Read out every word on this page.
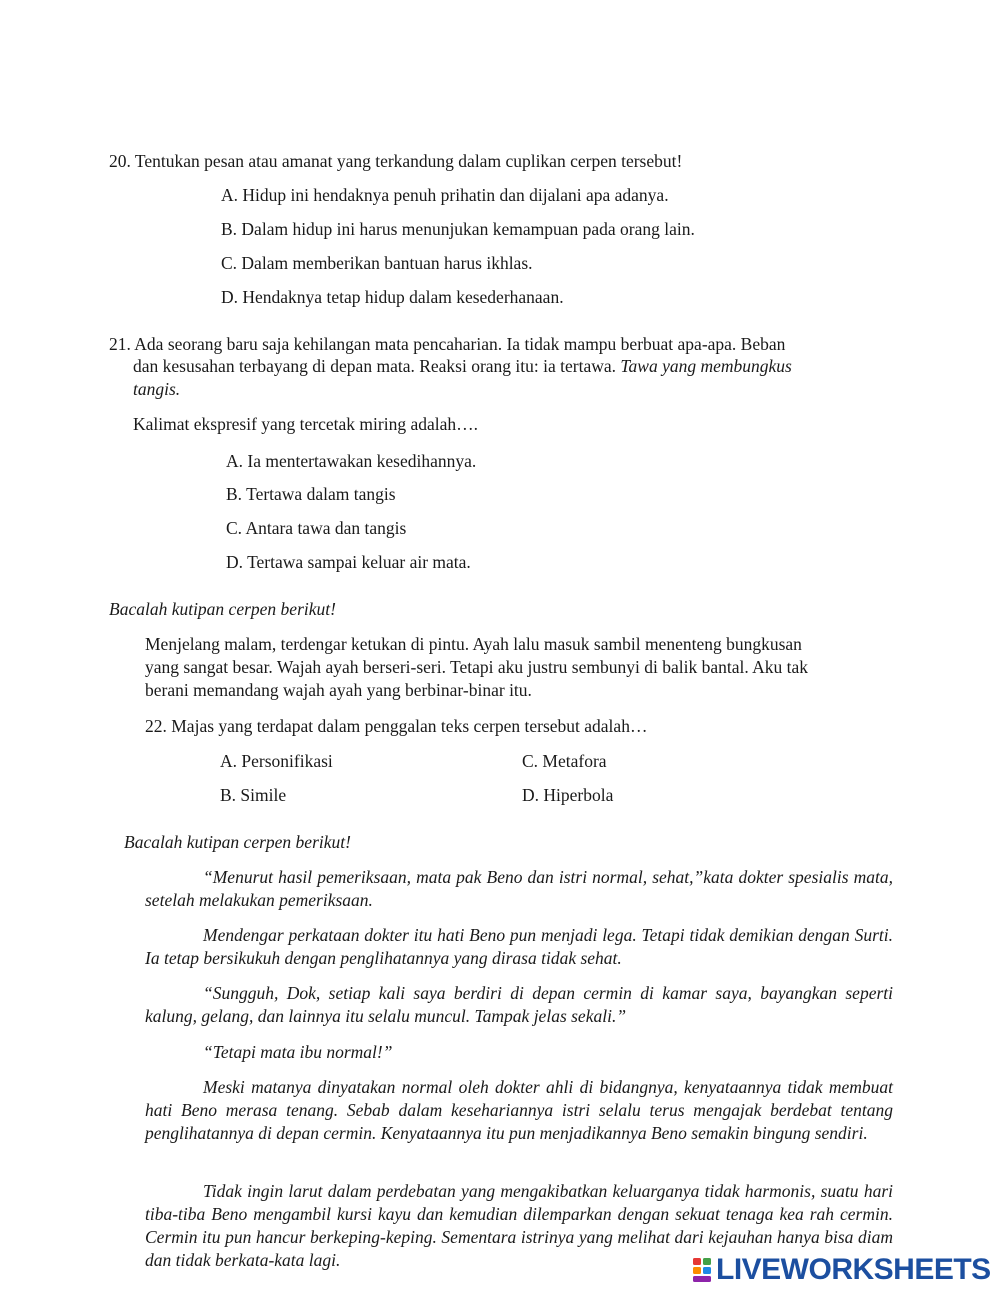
20. Tentukan pesan atau amanat yang terkandung dalam cuplikan cerpen tersebut!
A. Hidup ini hendaknya penuh prihatin dan dijalani apa adanya.
B. Dalam hidup ini harus menunjukan kemampuan pada orang lain.
C. Dalam memberikan bantuan harus ikhlas.
D. Hendaknya tetap hidup dalam kesederhanaan.
21. Ada seorang baru saja kehilangan mata pencaharian. Ia tidak mampu berbuat apa-apa. Beban
dan kesusahan terbayang di depan mata. Reaksi orang itu: ia tertawa. Tawa yang membungkus
tangis.
Kalimat ekspresif yang tercetak miring adalah….
A. Ia mentertawakan kesedihannya.
B. Tertawa dalam tangis
C. Antara tawa dan tangis
D. Tertawa sampai keluar air mata.
Bacalah kutipan cerpen berikut!
Menjelang malam, terdengar ketukan di pintu. Ayah lalu masuk sambil menenteng bungkusan
yang sangat besar. Wajah ayah berseri-seri. Tetapi aku justru sembunyi di balik bantal. Aku tak
berani memandang wajah ayah yang berbinar-binar itu.
22. Majas yang terdapat dalam penggalan teks cerpen tersebut adalah…
A. Personifikasi	C. Metafora
B. Simile	D. Hiperbola
Bacalah kutipan cerpen berikut!
“Menurut hasil pemeriksaan, mata pak Beno dan istri normal, sehat,”kata dokter spesialis mata, setelah melakukan pemeriksaan.
Mendengar perkataan dokter itu hati Beno pun menjadi lega. Tetapi tidak demikian dengan Surti. Ia tetap bersikukuh dengan penglihatannya yang dirasa tidak sehat.
“Sungguh, Dok, setiap kali saya berdiri di depan cermin di kamar saya, bayangkan seperti kalung, gelang, dan lainnya itu selalu muncul. Tampak jelas sekali.”
“Tetapi mata ibu normal!”
Meski matanya dinyatakan normal oleh dokter ahli di bidangnya, kenyataannya tidak membuat hati Beno merasa tenang. Sebab dalam kesehariannya istri selalu terus mengajak berdebat tentang penglihatannya di depan cermin. Kenyataannya itu pun menjadikannya Beno semakin bingung sendiri.
Tidak ingin larut dalam perdebatan yang mengakibatkan keluarganya tidak harmonis, suatu hari tiba-tiba Beno mengambil kursi kayu dan kemudian dilemparkan dengan sekuat tenaga kea rah cermin. Cermin itu pun hancur berkeping-keping. Sementara istrinya yang melihat dari kejauhan hanya bisa diam dan tidak berkata-kata lagi.	LIVEWORKSHEETS
